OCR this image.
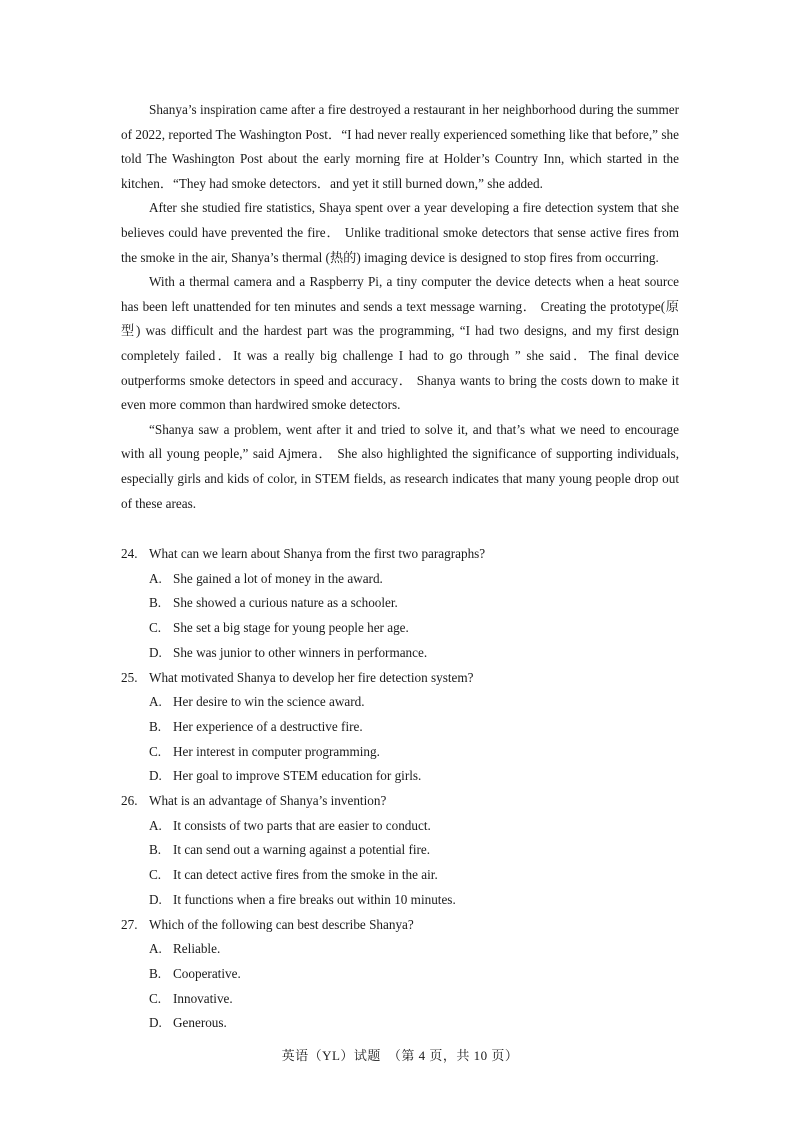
Shanya’s inspiration came after a fire destroyed a restaurant in her neighborhood during the summer of 2022, reported The Washington Post．“I had never really experienced something like that before,” she told The Washington Post about the early morning fire at Holder’s Country Inn, which started in the kitchen．“They had smoke detectors．and yet it still burned down,” she added.

After she studied fire statistics, Shaya spent over a year developing a fire detection system that she believes could have prevented the fire． Unlike traditional smoke detectors that sense active fires from the smoke in the air, Shanya’s thermal (热的) imaging device is designed to stop fires from occurring.

With a thermal camera and a Raspberry Pi, a tiny computer the device detects when a heat source has been left unattended for ten minutes and sends a text message warning． Creating the prototype(原型) was difficult and the hardest part was the programming, “I had two designs, and my first design completely failed．It was a really big challenge I had to go through ” she said．The final device outperforms smoke detectors in speed and accuracy． Shanya wants to bring the costs down to make it even more common than hardwired smoke detectors.

“Shanya saw a problem, went after it and tried to solve it, and that’s what we need to encourage with all young people,” said Ajmera． She also highlighted the significance of supporting individuals, especially girls and kids of color, in STEM fields, as research indicates that many young people drop out of these areas.

24. What can we learn about Shanya from the first two paragraphs?
A. She gained a lot of money in the award.
B. She showed a curious nature as a schooler.
C. She set a big stage for young people her age.
D. She was junior to other winners in performance.
25. What motivated Shanya to develop her fire detection system?
A. Her desire to win the science award.
B. Her experience of a destructive fire.
C. Her interest in computer programming.
D. Her goal to improve STEM education for girls.
26. What is an advantage of Shanya’s invention?
A. It consists of two parts that are easier to conduct.
B. It can send out a warning against a potential fire.
C. It can detect active fires from the smoke in the air.
D. It functions when a fire breaks out within 10 minutes.
27. Which of the following can best describe Shanya?
A. Reliable.
B. Cooperative.
C. Innovative.
D. Generous.
英语（YL）试题　（第 4 页，共 10 页）
